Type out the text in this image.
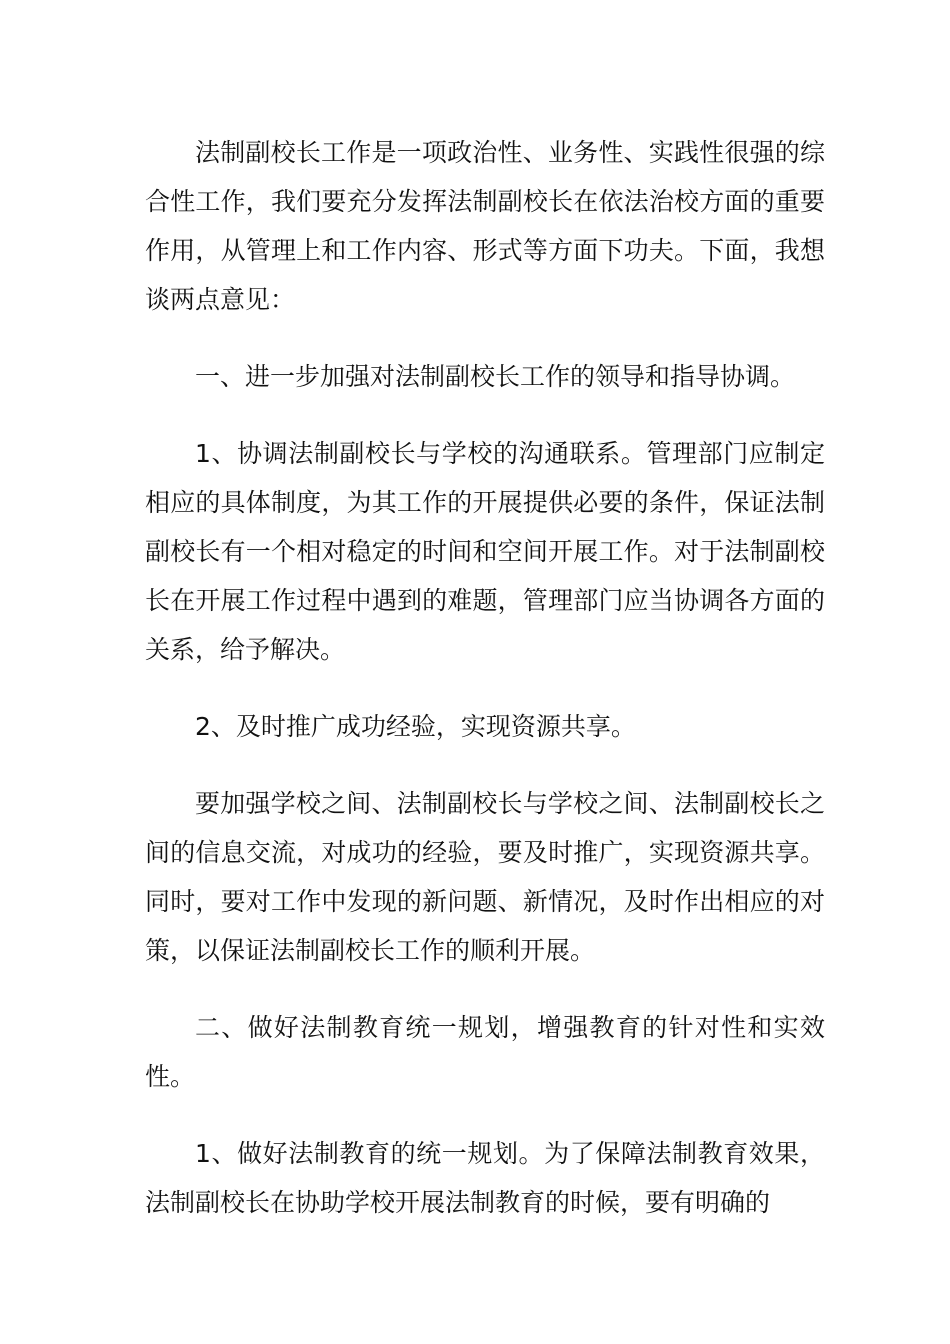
法制副校长工作是一项政治性、业务性、实践性很强的综合性工作，我们要充分发挥法制副校长在依法治校方面的重要作用，从管理上和工作内容、形式等方面下功夫。下面，我想谈两点意见：

一、进一步加强对法制副校长工作的领导和指导协调。

1、协调法制副校长与学校的沟通联系。管理部门应制定相应的具体制度，为其工作的开展提供必要的条件，保证法制副校长有一个相对稳定的时间和空间开展工作。对于法制副校长在开展工作过程中遇到的难题，管理部门应当协调各方面的关系，给予解决。

2、及时推广成功经验，实现资源共享。

要加强学校之间、法制副校长与学校之间、法制副校长之间的信息交流，对成功的经验，要及时推广，实现资源共享。同时，要对工作中发现的新问题、新情况，及时作出相应的对策，以保证法制副校长工作的顺利开展。

二、做好法制教育统一规划，增强教育的针对性和实效性。

1、做好法制教育的统一规划。为了保障法制教育效果，法制副校长在协助学校开展法制教育的时候，要有明确的
